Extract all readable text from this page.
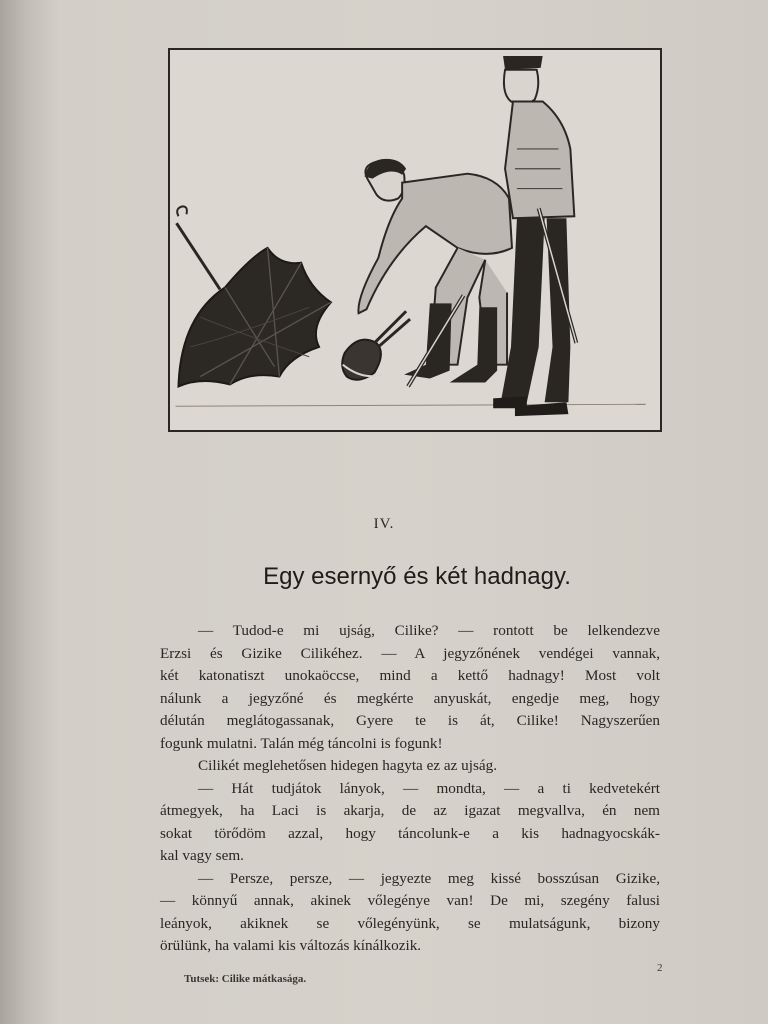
IV.
Egy esernyő és két hadnagy.
— Tudod-e mi ujság, Cilike? — rontott be lelkendezve
Erzsi és Gizike Cilikéhez. — A jegyzőnének vendégei vannak,
két katonatiszt unokaöccse, mind a kettő hadnagy! Most volt
nálunk a jegyzőné és megkérte anyuskát, engedje meg, hogy
délután meglátogassanak, Gyere te is át, Cilike! Nagyszerűen
fogunk mulatni. Talán még táncolni is fogunk!
Cilikét meglehetősen hidegen hagyta ez az ujság.
— Hát tudjátok lányok, — mondta, — a ti kedvetekért
átmegyek, ha Laci is akarja, de az igazat megvallva, én nem
sokat törődöm azzal, hogy táncolunk-e a kis hadnagyocskák-
kal vagy sem.
— Persze, persze, — jegyezte meg kissé bosszúsan Gizike,
— könnyű annak, akinek vőlegénye van! De mi, szegény falusi
leányok, akiknek se vőlegényünk, se mulatságunk, bizony
örülünk, ha valami kis változás kínálkozik.
Tutsek: Cilike mátkasága.
2
